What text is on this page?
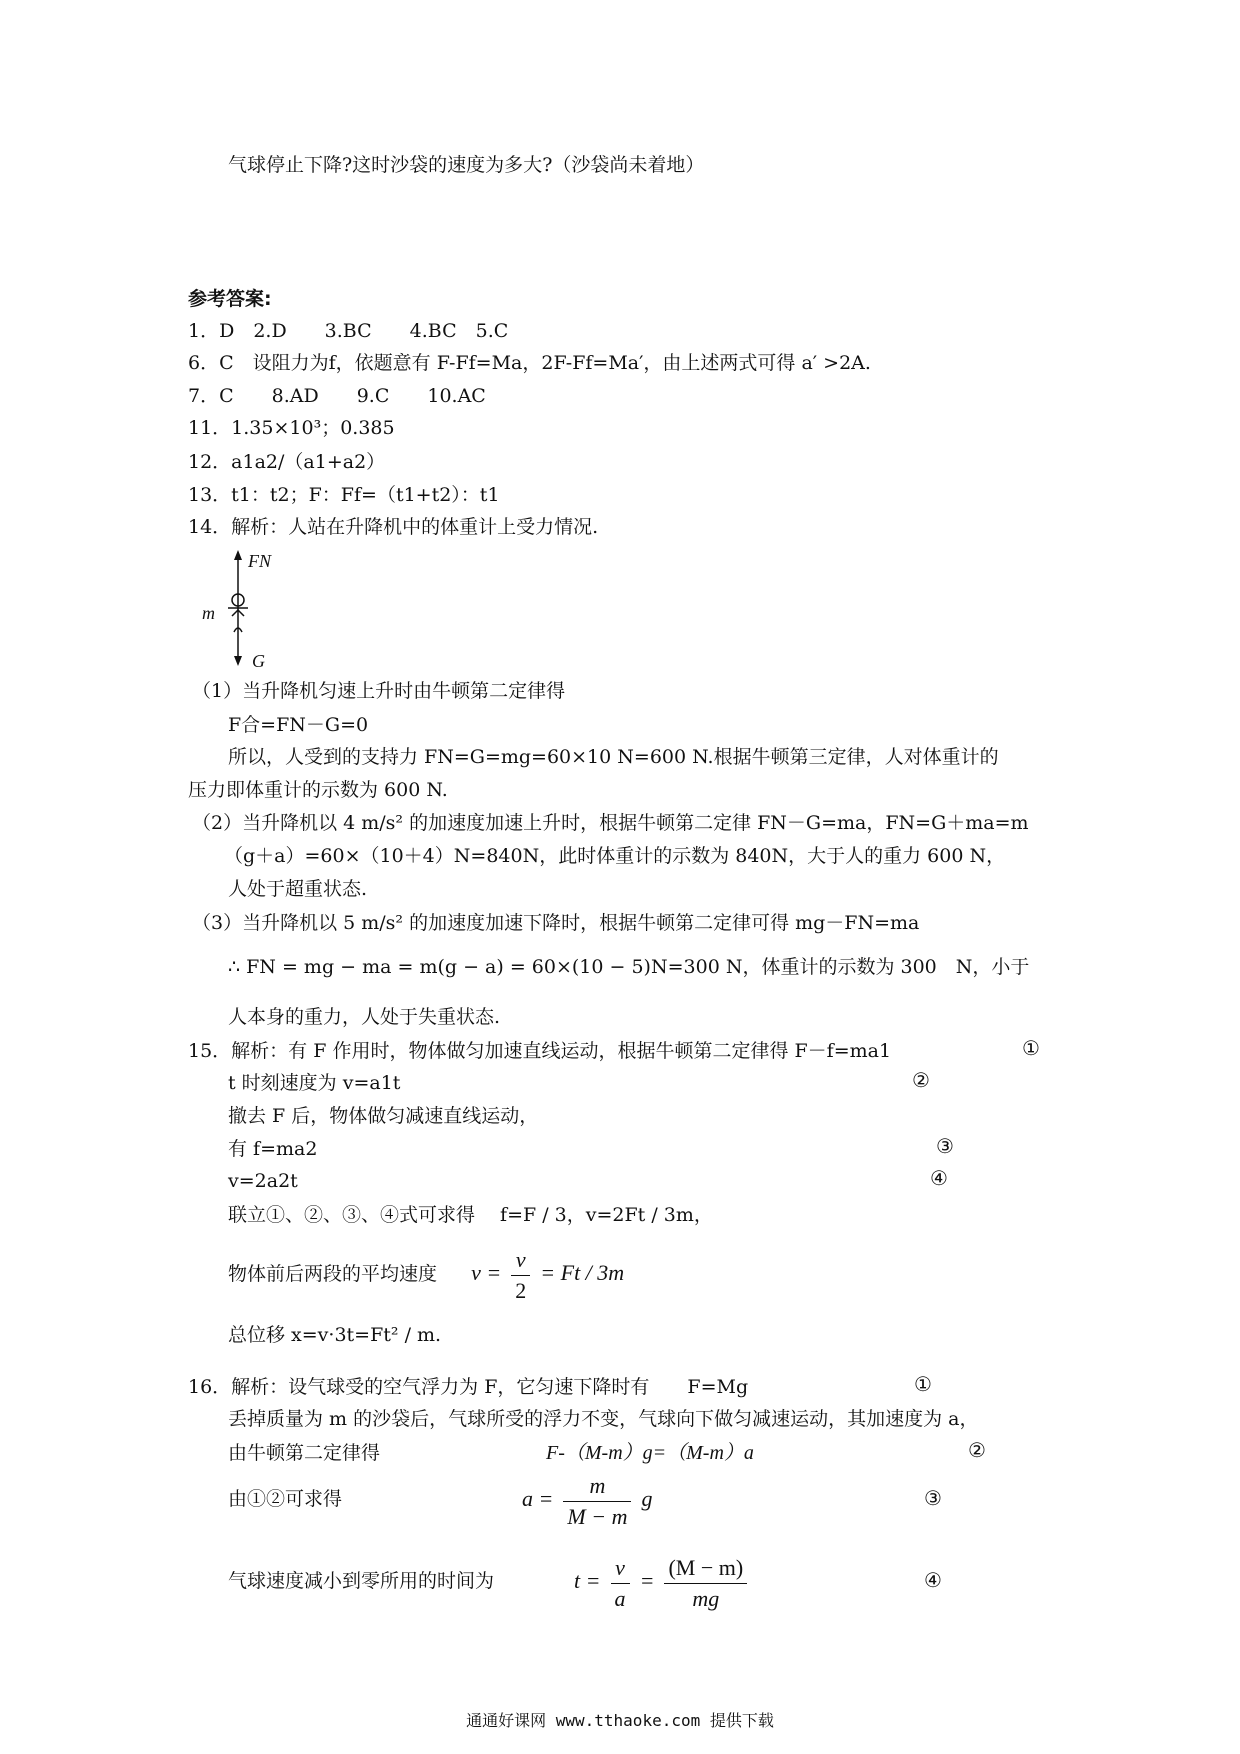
气球停止下降?这时沙袋的速度为多大?（沙袋尚未着地）
参考答案:
1．D　2.D　　3.BC　　4.BC　5.C
6．C　设阻力为f，依题意有 F-Ff=Ma，2F-Ff=Ma′，由上述两式可得 a′ >2A.
7．C　　8.AD　　9.C　　10.AC
11．1.35×10³；0.385
12．a1a2/（a1+a2）
13．t1：t2；F：Ff=（t1+t2）：t1
14．解析：人站在升降机中的体重计上受力情况.
FN
m
G
（1）当升降机匀速上升时由牛顿第二定律得
F合=FN－G=0
所以，人受到的支持力 FN=G=mg=60×10 N=600 N.根据牛顿第三定律，人对体重计的
压力即体重计的示数为 600 N.
（2）当升降机以 4 m/s² 的加速度加速上升时，根据牛顿第二定律 FN－G=ma，FN=G＋ma=m
（g＋a）=60×（10＋4）N=840N，此时体重计的示数为 840N，大于人的重力 600 N，
人处于超重状态.
（3）当升降机以 5 m/s² 的加速度加速下降时，根据牛顿第二定律可得 mg－FN=ma
∴ FN = mg − ma = m(g − a) = 60×(10 − 5)N=300 N，体重计的示数为 300　N，小于
人本身的重力，人处于失重状态.
15．解析：有 F 作用时，物体做匀加速直线运动，根据牛顿第二定律得 F－f=ma1	①
t 时刻速度为 v=a1t	②
撤去 F 后，物体做匀减速直线运动，
有 f=ma2	③
v=2a2t	④
联立①、②、③、④式可求得　 f=F / 3，v=2Ft / 3m，
物体前后两段的平均速度 $v = \frac{v}{2} = Ft / 3m$
总位移 x=v·3t=Ft² / m.
16．解析：设气球受的空气浮力为 F，它匀速下降时有　　F=Mg	①
丢掉质量为 m 的沙袋后，气球所受的浮力不变，气球向下做匀减速运动，其加速度为 a，
由牛顿第二定律得	F-（M-m）g=（M-m）a	②
由①②可求得	$a = \frac{m}{M - m}$ g	③
气球速度减小到零所用的时间为	$t = \frac{v}{a} = \frac{(M - m)}{mg}$	④
通通好课网 www.tthaoke.com 提供下载
